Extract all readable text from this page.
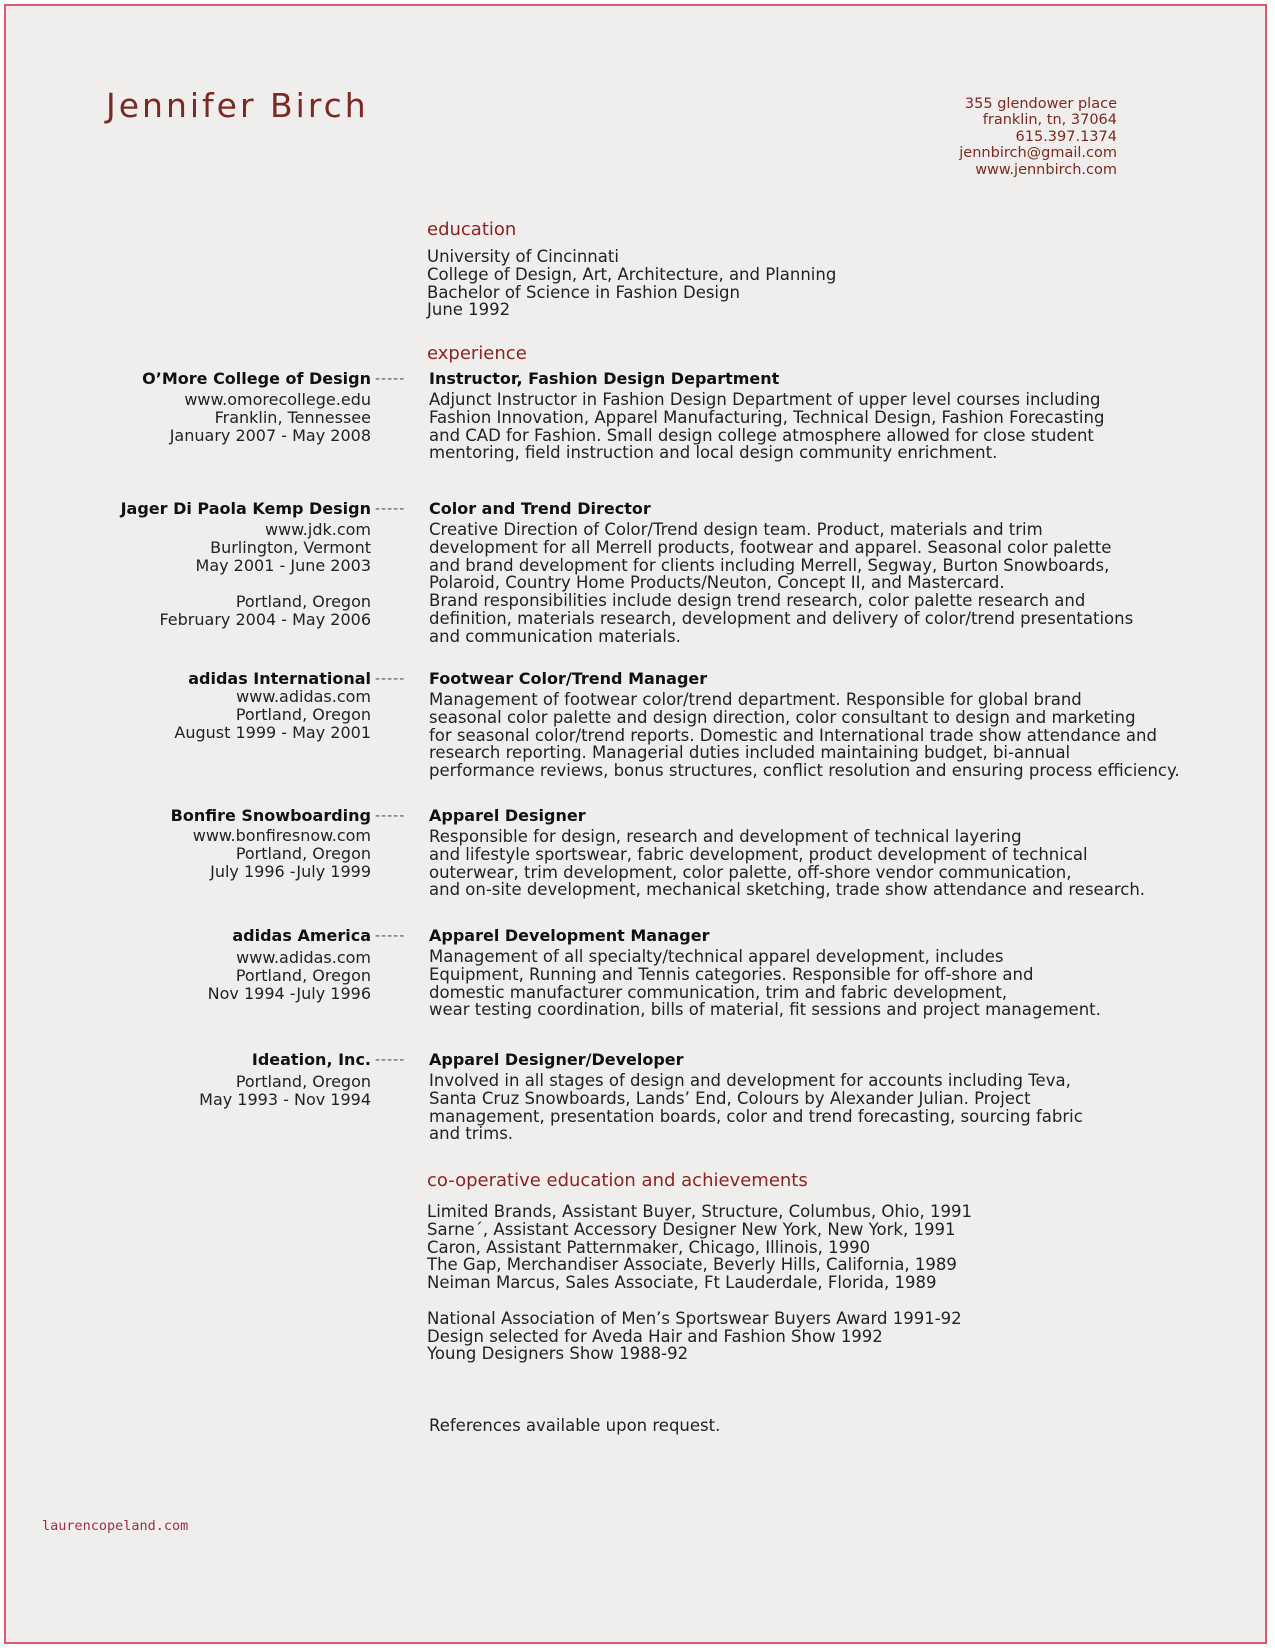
Jennifer Birch	355 glendower place
franklin, tn, 37064
615.397.1374
jennbirch@gmail.com
www.jennbirch.com
education
University of Cincinnati
College of Design, Art, Architecture, and Planning
Bachelor of Science in Fashion Design
June 1992
experience
O’More College of Design
www.omorecollege.edu
Franklin, Tennessee
January 2007 - May 2008
----- Instructor, Fashion Design Department
Adjunct Instructor in Fashion Design Department of upper level courses including
Fashion Innovation, Apparel Manufacturing, Technical Design, Fashion Forecasting
and CAD for Fashion. Small design college atmosphere allowed for close student
mentoring, field instruction and local design community enrichment.
Jager Di Paola Kemp Design
www.jdk.com
Burlington, Vermont
May 2001 - June 2003
Portland, Oregon
February 2004 - May 2006
----- Color and Trend Director
Creative Direction of Color/Trend design team. Product, materials and trim
development for all Merrell products, footwear and apparel. Seasonal color palette
and brand development for clients including Merrell, Segway, Burton Snowboards,
Polaroid, Country Home Products/Neuton, Concept II, and Mastercard.
Brand responsibilities include design trend research, color palette research and
definition, materials research, development and delivery of color/trend presentations
and communication materials.
adidas International
www.adidas.com
Portland, Oregon
August 1999 - May 2001
----- Footwear Color/Trend Manager
Management of footwear color/trend department. Responsible for global brand
seasonal color palette and design direction, color consultant to design and marketing
for seasonal color/trend reports. Domestic and International trade show attendance and
research reporting. Managerial duties included maintaining budget, bi-annual
performance reviews, bonus structures, conflict resolution and ensuring process efficiency.
Bonfire Snowboarding
www.bonfiresnow.com
Portland, Oregon
July 1996 -July 1999
----- Apparel Designer
Responsible for design, research and development of technical layering
and lifestyle sportswear, fabric development, product development of technical
outerwear, trim development, color palette, off-shore vendor communication,
and on-site development, mechanical sketching, trade show attendance and research.
adidas America
www.adidas.com
Portland, Oregon
Nov 1994 -July 1996
----- Apparel Development Manager
Management of all specialty/technical apparel development, includes
Equipment, Running and Tennis categories. Responsible for off-shore and
domestic manufacturer communication, trim and fabric development,
wear testing coordination, bills of material, fit sessions and project management.
Ideation, Inc.
Portland, Oregon
May 1993 - Nov 1994
----- Apparel Designer/Developer
Involved in all stages of design and development for accounts including Teva,
Santa Cruz Snowboards, Lands’ End, Colours by Alexander Julian. Project
management, presentation boards, color and trend forecasting, sourcing fabric
and trims.
co-operative education and achievements
Limited Brands, Assistant Buyer, Structure, Columbus, Ohio, 1991
Sarne´, Assistant Accessory Designer New York, New York, 1991
Caron, Assistant Patternmaker, Chicago, Illinois, 1990
The Gap, Merchandiser Associate, Beverly Hills, California, 1989
Neiman Marcus, Sales Associate, Ft Lauderdale, Florida, 1989
National Association of Men’s Sportswear Buyers Award 1991-92
Design selected for Aveda Hair and Fashion Show 1992
Young Designers Show 1988-92
References available upon request.
laurencopeland.com
